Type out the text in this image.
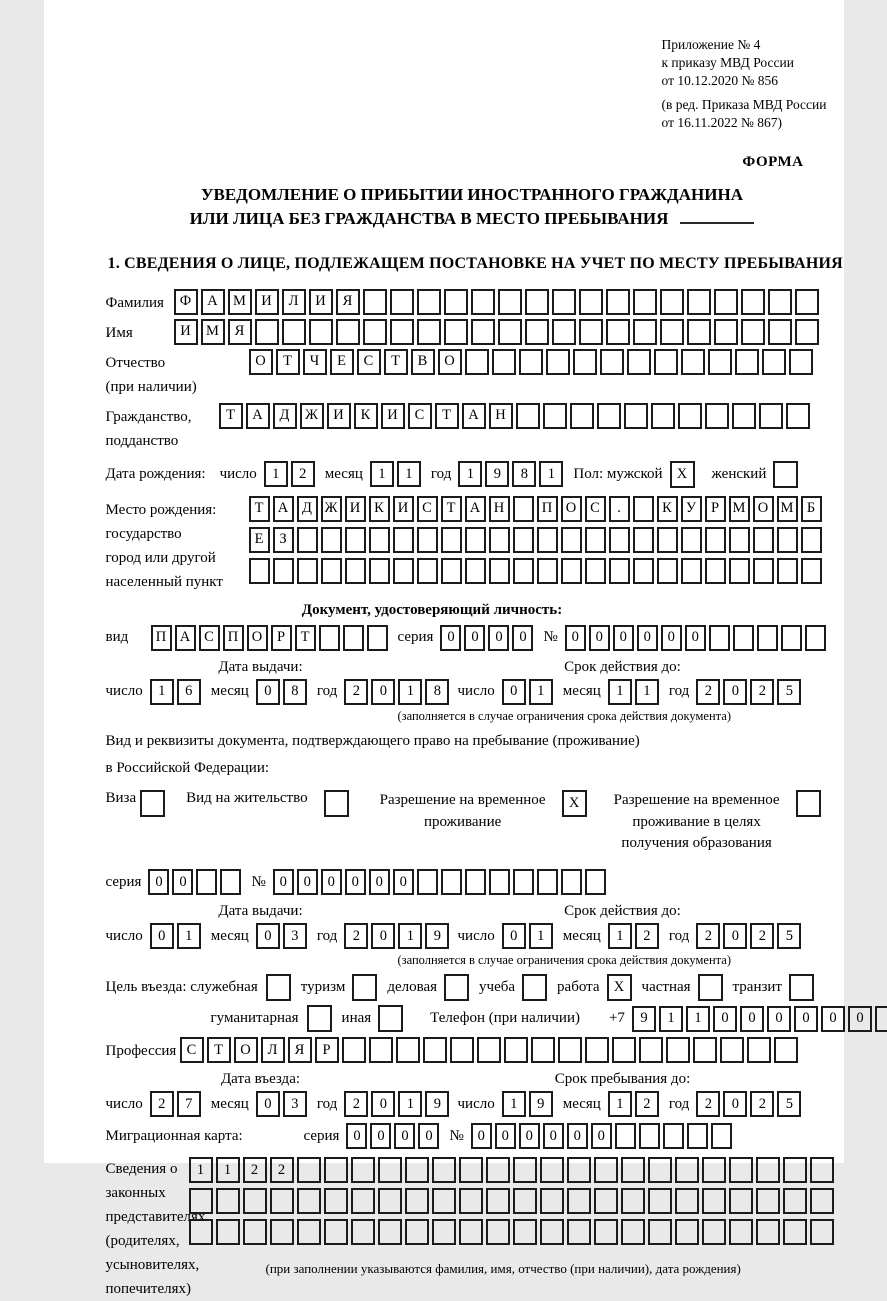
Приложение № 4
к приказу МВД России
от 10.12.2020 № 856
(в ред. Приказа МВД России
от 16.11.2022 № 867)
ФОРМА
УВЕДОМЛЕНИЕ О ПРИБЫТИИ ИНОСТРАННОГО ГРАЖДАНИНА
ИЛИ ЛИЦА БЕЗ ГРАЖДАНСТВА В МЕСТО ПРЕБЫВАНИЯ
1. СВЕДЕНИЯ О ЛИЦЕ, ПОДЛЕЖАЩЕМ ПОСТАНОВКЕ НА УЧЕТ ПО МЕСТУ ПРЕБЫВАНИЯ
Фамилия	Ф	А	М	И	Л	И	Я
Имя	И	М	Я
Отчество
(при наличии)
О	Т	Ч	Е	С	Т	В	О
Гражданство,
подданство
Т	А	Д	Ж	И	К	И	С	Т	А	Н
Дата рождения: число	1	2	месяц	1	1	год	1	9	8	1	Пол: мужской X	женский
Место рождения:
государство
город или другой
населенный пункт
Т А Д Ж И К И С	Т А Н	П О С	.	К У	Р М О М Б
Е	З
Документ, удостоверяющий личность:
вид	П А С П О	Р	Т	серия 0	0	0	0	№ 0	0	0	0	0	0
Дата выдачи:
число	1	6	месяц	0	8	год	2	0	1	8
Срок действия до:
число	0	1	месяц	1	1	год	2	0	2	5
(заполняется в случае ограничения срока действия документа)
Вид и реквизиты документа, подтверждающего право на пребывание (проживание)
в Российской Федерации:
Виза	Вид на жительство	Разрешение на временное
проживание
X	Разрешение на временное
проживание в целях
получения образования
серия 0	0	№ 0	0	0	0	0	0
Дата выдачи:
число	0	1	месяц	0	3	год	2	0	1	9
Срок действия до:
число	0	1	месяц	1	2	год	2	0	2	5
(заполняется в случае ограничения срока действия документа)
Цель въезда: служебная	туризм	деловая	учеба	работа X	частная	транзит
гуманитарная	иная	Телефон (при наличии) +7	9	1	1	0	0	0	0	0	0
Профессия С	Т	О	Л	Я	Р
Дата въезда:
число	2	7	месяц	0	3	год	2	0	1	9
Срок пребывания до:
число	1	9	месяц	1	2	год	2	0	2	5
Миграционная карта:	серия 0	0	0	0	№ 0	0	0	0	0	0
Сведения о
законных
представителях
(родителях,
усыновителях,
попечителях)
1	1	2	2
(при заполнении указываются фамилия, имя, отчество (при наличии), дата рождения)
